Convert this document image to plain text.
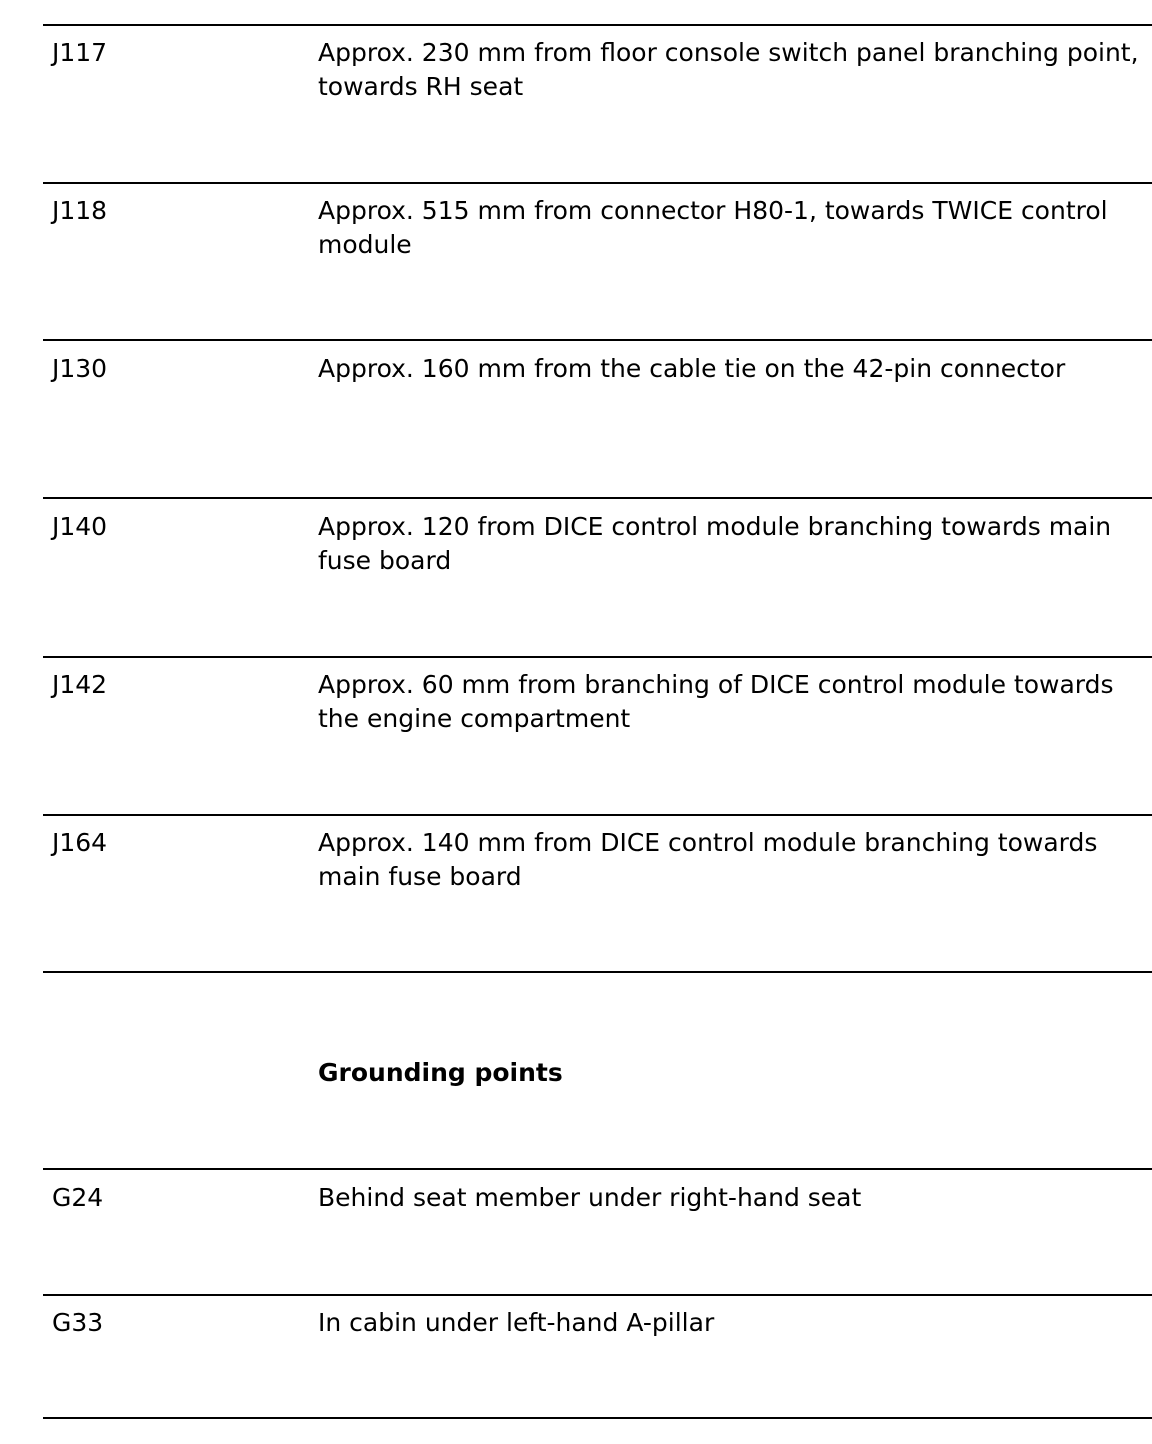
J117	Approx. 230 mm from floor console switch panel branching point, towards RH seat
J118	Approx. 515 mm from connector H80-1, towards TWICE control module
J130	Approx. 160 mm from the cable tie on the 42-pin connector
J140	Approx. 120 from DICE control module branching towards main fuse board
J142	Approx. 60 mm from branching of DICE control module towards the engine compartment
J164	Approx. 140 mm from DICE control module branching towards main fuse board
Grounding points
G24	Behind seat member under right-hand seat
G33	In cabin under left-hand A-pillar
